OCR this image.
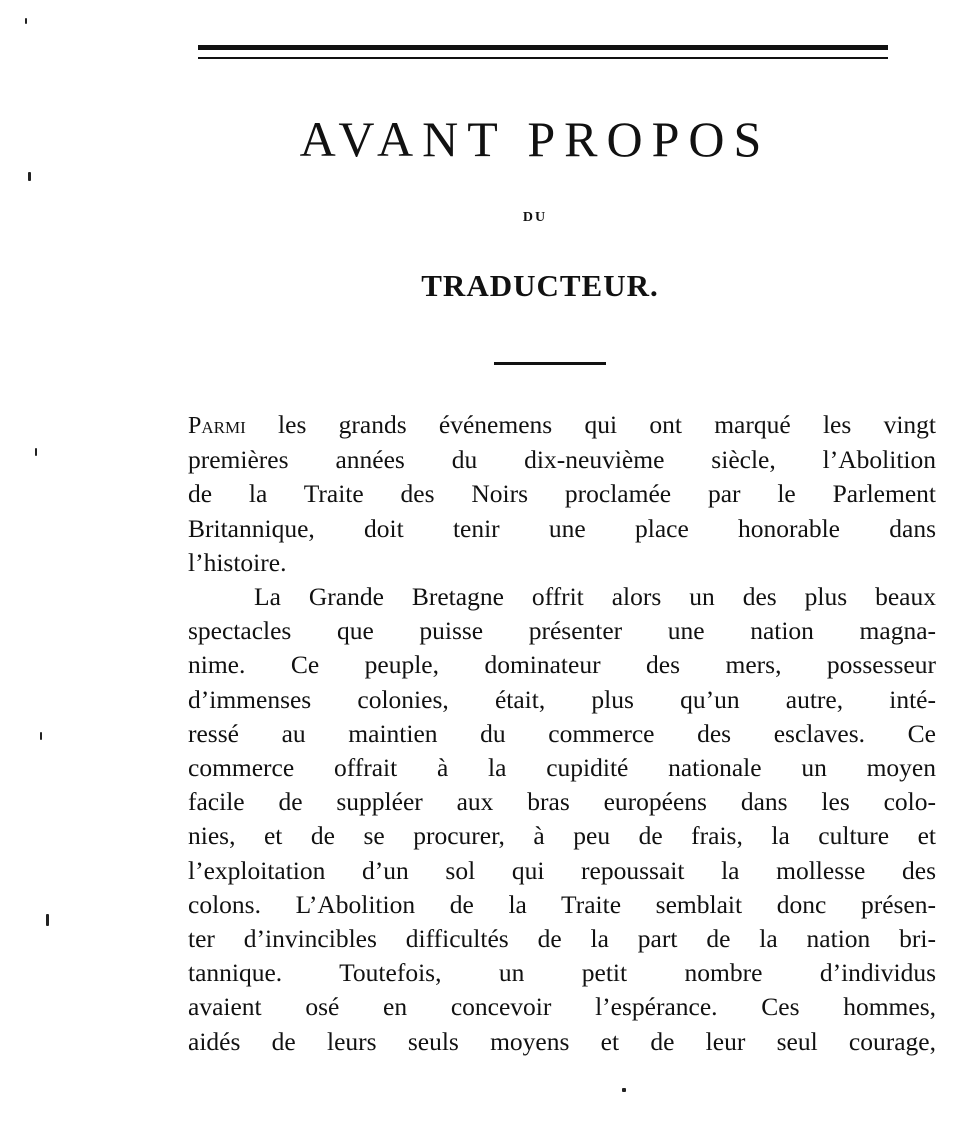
AVANT PROPOS
DU
TRADUCTEUR.
Parmi les grands événemens qui ont marqué les vingt
premières années du dix-neuvième siècle, l’Abolition
de la Traite des Noirs proclamée par le Parlement
Britannique, doit tenir une place honorable dans
l’histoire.
La Grande Bretagne offrit alors un des plus beaux
spectacles que puisse présenter une nation magna-
nime. Ce peuple, dominateur des mers, possesseur
d’immenses colonies, était, plus qu’un autre, inté-
ressé au maintien du commerce des esclaves. Ce
commerce offrait à la cupidité nationale un moyen
facile de suppléer aux bras européens dans les colo-
nies, et de se procurer, à peu de frais, la culture et
l’exploitation d’un sol qui repoussait la mollesse des
colons. L’Abolition de la Traite semblait donc présen-
ter d’invincibles difficultés de la part de la nation bri-
tannique. Toutefois, un petit nombre d’individus
avaient osé en concevoir l’espérance. Ces hommes,
aidés de leurs seuls moyens et de leur seul courage,
